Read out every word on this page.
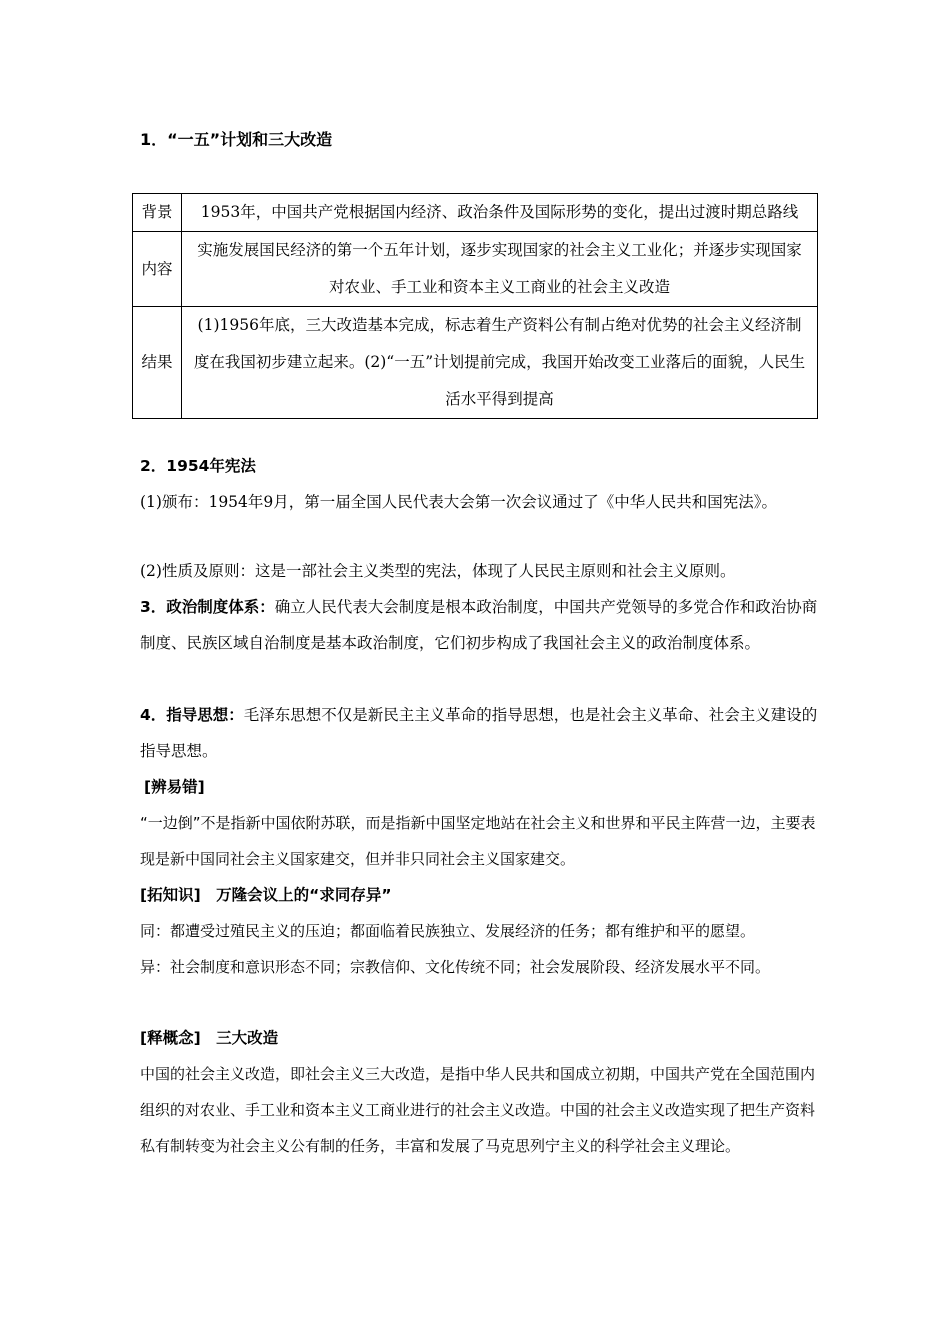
1．“一五”计划和三大改造
背景	1953年，中国共产党根据国内经济、政治条件及国际形势的变化，提出过渡时期总路线
内容	实施发展国民经济的第一个五年计划，逐步实现国家的社会主义工业化；并逐步实现国家对农业、手工业和资本主义工商业的社会主义改造
结果	(1)1956年底，三大改造基本完成，标志着生产资料公有制占绝对优势的社会主义经济制度在我国初步建立起来。(2)“一五”计划提前完成，我国开始改变工业落后的面貌，人民生活水平得到提高
2．1954年宪法
(1)颁布：1954年9月，第一届全国人民代表大会第一次会议通过了《中华人民共和国宪法》。
(2)性质及原则：这是一部社会主义类型的宪法，体现了人民民主原则和社会主义原则。
3．政治制度体系：确立人民代表大会制度是根本政治制度，中国共产党领导的多党合作和政治协商制度、民族区域自治制度是基本政治制度，它们初步构成了我国社会主义的政治制度体系。
4．指导思想：毛泽东思想不仅是新民主主义革命的指导思想，也是社会主义革命、社会主义建设的指导思想。
[辨易错]
“一边倒”不是指新中国依附苏联，而是指新中国坚定地站在社会主义和世界和平民主阵营一边，主要表现是新中国同社会主义国家建交，但并非只同社会主义国家建交。
[拓知识]　万隆会议上的“求同存异”
同：都遭受过殖民主义的压迫；都面临着民族独立、发展经济的任务；都有维护和平的愿望。
异：社会制度和意识形态不同；宗教信仰、文化传统不同；社会发展阶段、经济发展水平不同。
[释概念]　三大改造
中国的社会主义改造，即社会主义三大改造，是指中华人民共和国成立初期，中国共产党在全国范围内组织的对农业、手工业和资本主义工商业进行的社会主义改造。中国的社会主义改造实现了把生产资料私有制转变为社会主义公有制的任务，丰富和发展了马克思列宁主义的科学社会主义理论。
